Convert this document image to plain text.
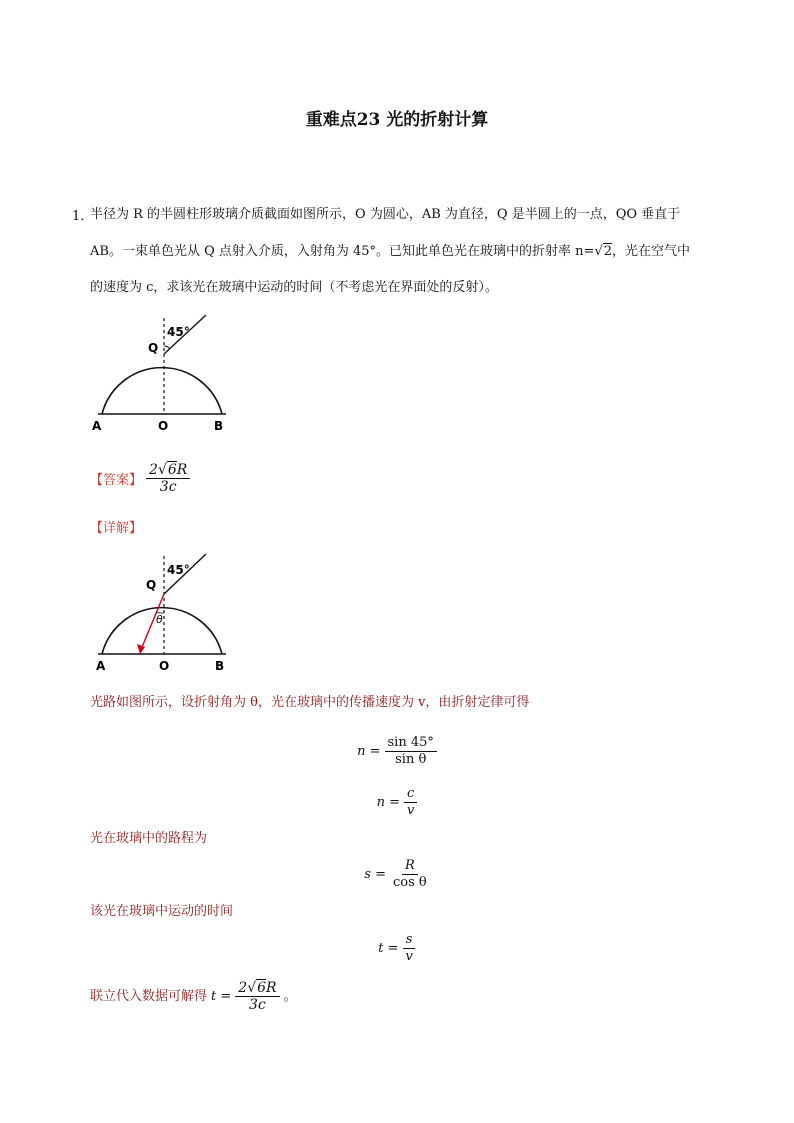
重难点23 光的折射计算
1．
半径为 R 的半圆柱形玻璃介质截面如图所示，O 为圆心，AB 为直径，Q 是半圆上的一点，QO 垂直于
AB。一束单色光从 Q 点射入介质，入射角为 45°。已知此单色光在玻璃中的折射率 n=√2，光在空气中
的速度为 c，求该光在玻璃中运动的时间（不考虑光在界面处的反射）。
Q
45°
A	O	B
【答案】 $\frac{2√6R}{3c}$
【详解】
Q
45°
θ
A	O	B
光路如图所示，设折射角为 θ，光在玻璃中的传播速度为 v，由折射定律可得
$n = \frac{\sin 45^\circ}{\text{sin θ}}$
$n = \frac{c}{v}$
光在玻璃中的路程为
$s = \frac{R}{\text{cos θ}}$
该光在玻璃中运动的时间
$t = \frac{s}{v}$
联立代入数据可解得 $t = \frac{2√6R}{3c}$ 。
